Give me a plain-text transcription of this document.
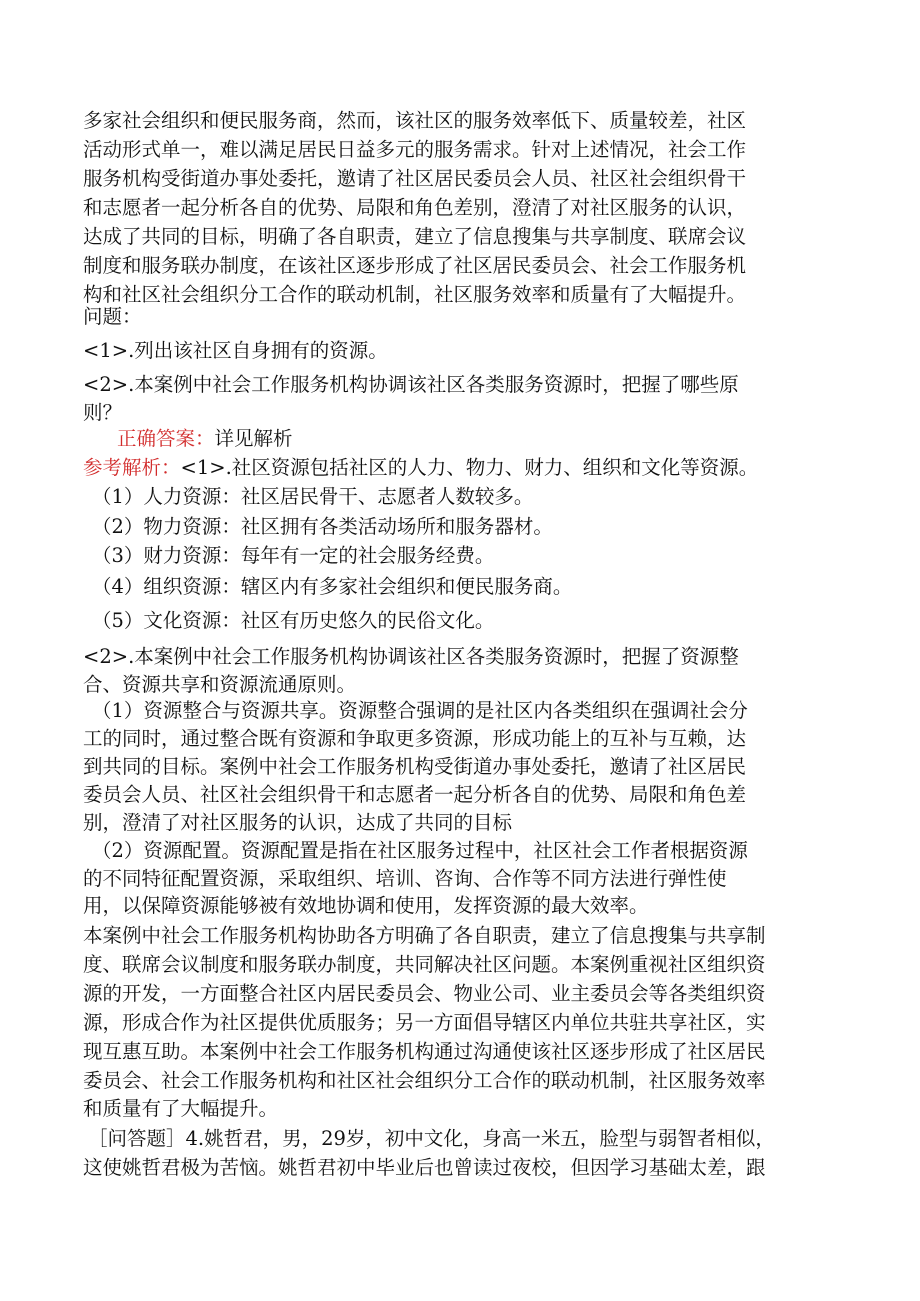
多家社会组织和便民服务商，然而，该社区的服务效率低下、质量较差，社区
活动形式单一，难以满足居民日益多元的服务需求。针对上述情况，社会工作
服务机构受街道办事处委托，邀请了社区居民委员会人员、社区社会组织骨干
和志愿者一起分析各自的优势、局限和角色差别，澄清了对社区服务的认识，
达成了共同的目标，明确了各自职责，建立了信息搜集与共享制度、联席会议
制度和服务联办制度，在该社区逐步形成了社区居民委员会、社会工作服务机
构和社区社会组织分工合作的联动机制，社区服务效率和质量有了大幅提升。
问题：
<1>.列出该社区自身拥有的资源。
<2>.本案例中社会工作服务机构协调该社区各类服务资源时，把握了哪些原
则？
正确答案：详见解析
参考解析：<1>.社区资源包括社区的人力、物力、财力、组织和文化等资源。
（1）人力资源：社区居民骨干、志愿者人数较多。
（2）物力资源：社区拥有各类活动场所和服务器材。
（3）财力资源：每年有一定的社会服务经费。
（4）组织资源：辖区内有多家社会组织和便民服务商。
（5）文化资源：社区有历史悠久的民俗文化。
<2>.本案例中社会工作服务机构协调该社区各类服务资源时，把握了资源整
合、资源共享和资源流通原则。
（1）资源整合与资源共享。资源整合强调的是社区内各类组织在强调社会分
工的同时，通过整合既有资源和争取更多资源，形成功能上的互补与互赖，达
到共同的目标。案例中社会工作服务机构受街道办事处委托，邀请了社区居民
委员会人员、社区社会组织骨干和志愿者一起分析各自的优势、局限和角色差
别，澄清了对社区服务的认识，达成了共同的目标
（2）资源配置。资源配置是指在社区服务过程中，社区社会工作者根据资源
的不同特征配置资源，采取组织、培训、咨询、合作等不同方法进行弹性使
用，以保障资源能够被有效地协调和使用，发挥资源的最大效率。
本案例中社会工作服务机构协助各方明确了各自职责，建立了信息搜集与共享制
度、联席会议制度和服务联办制度，共同解决社区问题。本案例重视社区组织资
源的开发，一方面整合社区内居民委员会、物业公司、业主委员会等各类组织资
源，形成合作为社区提供优质服务；另一方面倡导辖区内单位共驻共享社区，实
现互惠互助。本案例中社会工作服务机构通过沟通使该社区逐步形成了社区居民
委员会、社会工作服务机构和社区社会组织分工合作的联动机制，社区服务效率
和质量有了大幅提升。
［问答题］4.姚哲君，男，29岁，初中文化，身高一米五，脸型与弱智者相似，
这使姚哲君极为苦恼。姚哲君初中毕业后也曾读过夜校，但因学习基础太差，跟
